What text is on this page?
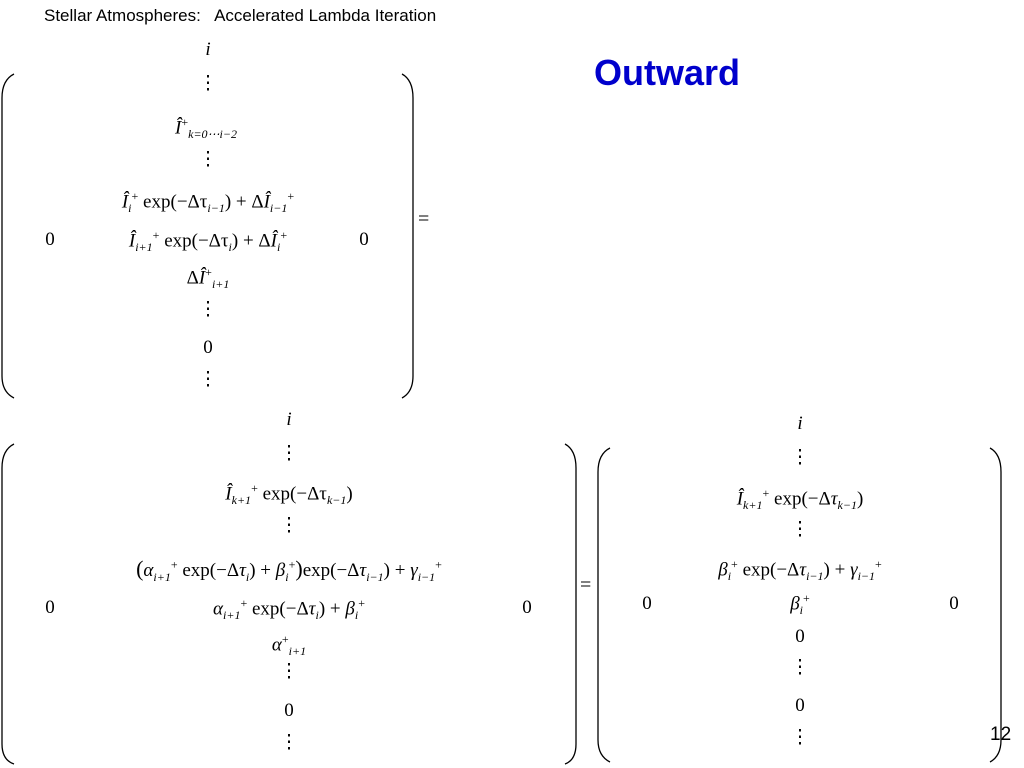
Stellar Atmospheres:   Accelerated Lambda Iteration
Outward
12
i
⋮
$Î^+_{k=0\cdots i-2}$
⋮
$Î_i^+$ $\exp(-\Delta\tau_{i-1})$ + $\Delta Î_{i-1}^+$
0	$Î_{i+1}^+$ $\exp(-\Delta\tau_i)$ + $\Delta Î_i^+$	0
=
$\Delta Î^+_{i+1}$
⋮
0
⋮
i
⋮
$Î_{k+1}^+$ $\exp(-\Delta\tau_{k-1})$
⋮
($\alpha_{i+1}^+$ $\exp(-\Delta\tau_i) + \beta_i^+)\exp(-\Delta\tau_{i-1}) + \gamma_{i-1}^+$
0	$\alpha_{i+1}^+$ $\exp(-\Delta\tau_i) + \beta_i^+$	0
$\alpha^+_{i+1}$
⋮
0
⋮
=
i
⋮
$Î_{k+1}^+$ $\exp(-\Delta\tau_{k-1})$
⋮
$\beta_i^+$ $\exp(-\Delta\tau_{i-1}) + \gamma_{i-1}^+$
0	$\beta_i^+$	0
0
⋮
0
⋮
